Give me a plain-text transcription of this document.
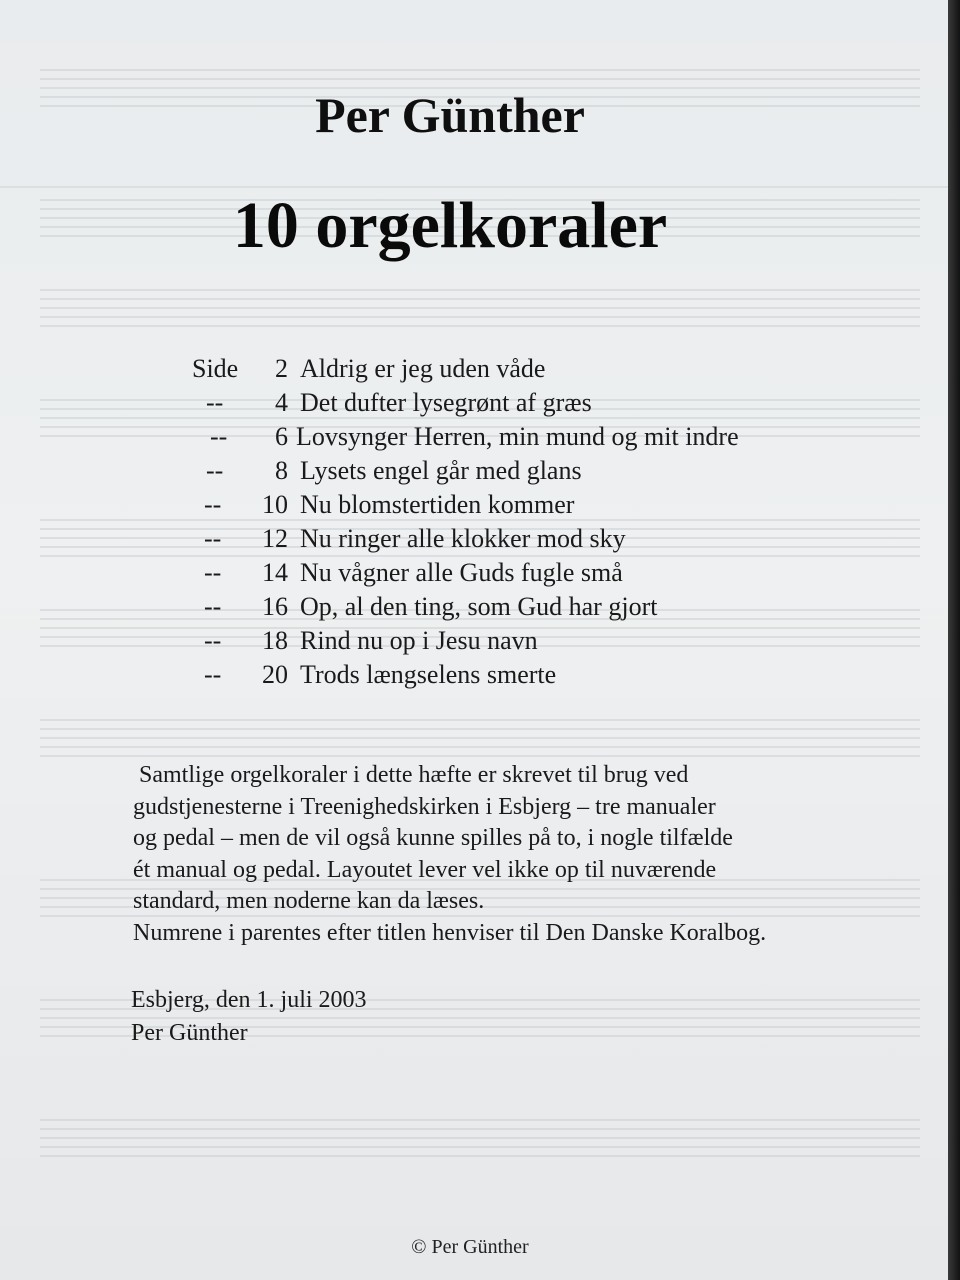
Per Günther
10 orgelkoraler
Side	2 Aldrig er jeg uden våde
--	4 Det dufter lysegrønt af græs
--	6 Lovsynger Herren, min mund og mit indre
--	8 Lysets engel går med glans
--	10 Nu blomstertiden kommer
--	12 Nu ringer alle klokker mod sky
--	14 Nu vågner alle Guds fugle små
--	16 Op, al den ting, som Gud har gjort
--	18 Rind nu op i Jesu navn
--	20 Trods længselens smerte

Samtlige orgelkoraler i dette hæfte er skrevet til brug ved

gudstjenesterne i Treenighedskirken i Esbjerg – tre manualer

og pedal – men de vil også kunne spilles på to, i nogle tilfælde

ét manual og pedal. Layoutet lever vel ikke op til nuværende

standard, men noderne kan da læses.

Numrene i parentes efter titlen henviser til Den Danske Koralbog.

Esbjerg, den 1. juli 2003
Per Günther
© Per Günther
